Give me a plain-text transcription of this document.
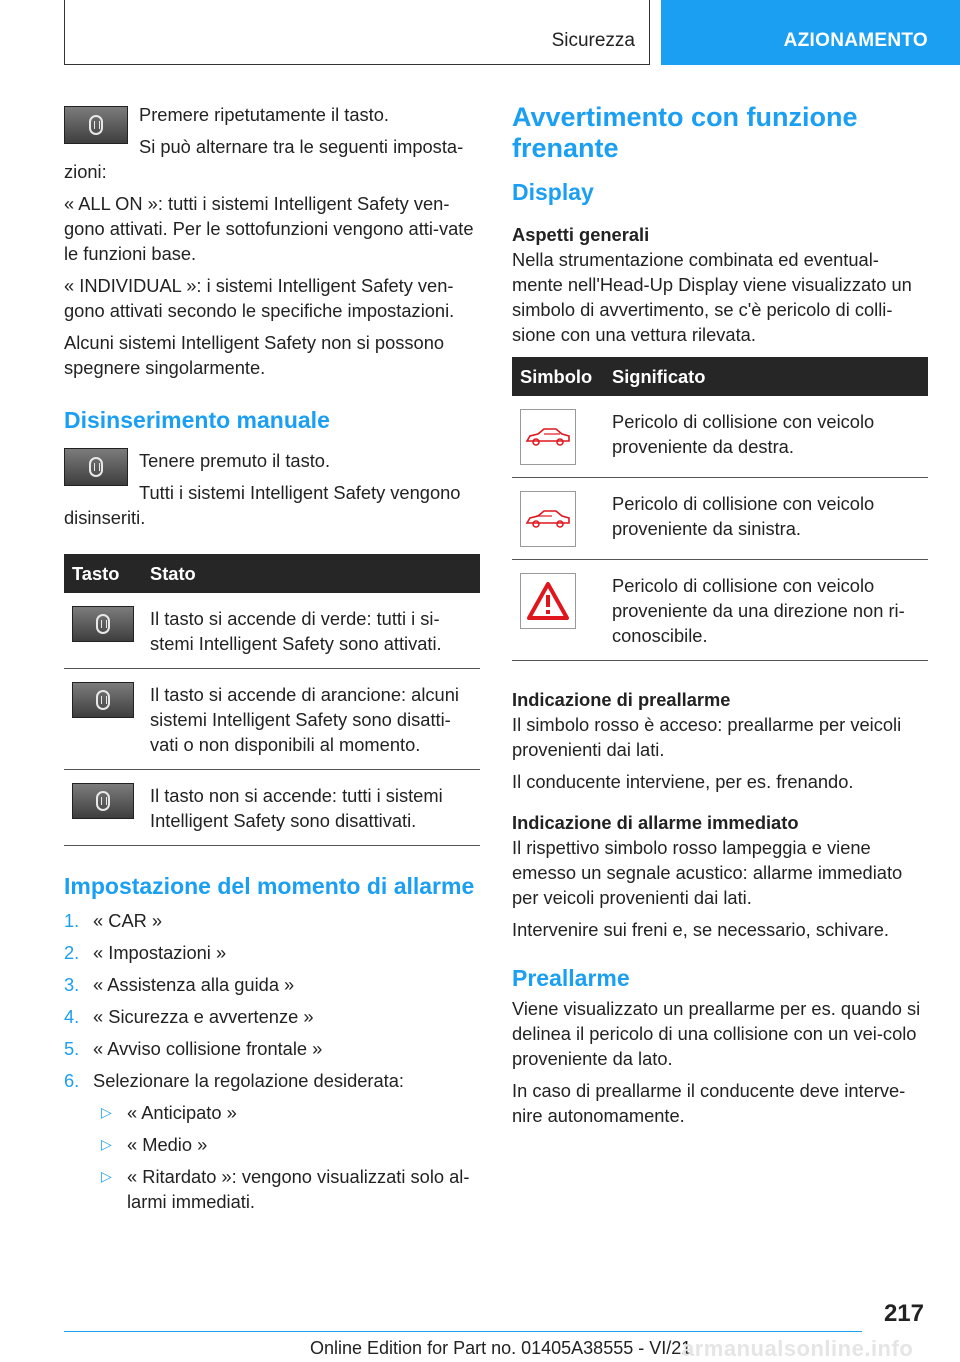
Sicurezza	AZIONAMENTO

Premere ripetutamente il tasto.

Si può alternare tra le seguenti imposta-zioni:

« ALL ON »: tutti i sistemi Intelligent Safety ven-gono attivati. Per le sottofunzioni vengono atti-vate le funzioni base.

« INDIVIDUAL »: i sistemi Intelligent Safety ven-gono attivati secondo le specifiche impostazioni.

Alcuni sistemi Intelligent Safety non si possono spegnere singolarmente.

Disinserimento manuale

Tenere premuto il tasto.

Tutti i sistemi Intelligent Safety vengono disinseriti.

Tasto	Stato

	Il tasto si accende di verde: tutti i si-stemi Intelligent Safety sono attivati.

	Il tasto si accende di arancione: alcuni sistemi Intelligent Safety sono disatti-vati o non disponibili al momento.

	Il tasto non si accende: tutti i sistemi Intelligent Safety sono disattivati.
Impostazione del momento di allarme
1. « CAR »
2. « Impostazioni »
3. « Assistenza alla guida »
4. « Sicurezza e avvertenze »
5. « Avviso collisione frontale »
6. Selezionare la regolazione desiderata:
▷ « Anticipato »
▷ « Medio »
▷ « Ritardato »: vengono visualizzati solo al-larmi immediati.
Avvertimento con funzione frenante
Display
Aspetti generali

Nella strumentazione combinata ed eventual-mente nell'Head-Up Display viene visualizzato un simbolo di avvertimento, se c'è pericolo di colli-sione con una vettura rilevata.

Simbolo	Significato

	Pericolo di collisione con veicolo proveniente da destra.

	Pericolo di collisione con veicolo proveniente da sinistra.

	Pericolo di collisione con veicolo proveniente da una direzione non ri-conoscibile.
Indicazione di preallarme

Il simbolo rosso è acceso: preallarme per veicoli provenienti dai lati.

Il conducente interviene, per es. frenando.

Indicazione di allarme immediato

Il rispettivo simbolo rosso lampeggia e viene emesso un segnale acustico: allarme immediato per veicoli provenienti dai lati.

Intervenire sui freni e, se necessario, schivare.

Preallarme

Viene visualizzato un preallarme per es. quando si delinea il pericolo di una collisione con un vei-colo proveniente da lato.

In caso di preallarme il conducente deve interve-nire autonomamente.

217
Online Edition for Part no. 01405A38555 - VI/21
armanualsonline.info
